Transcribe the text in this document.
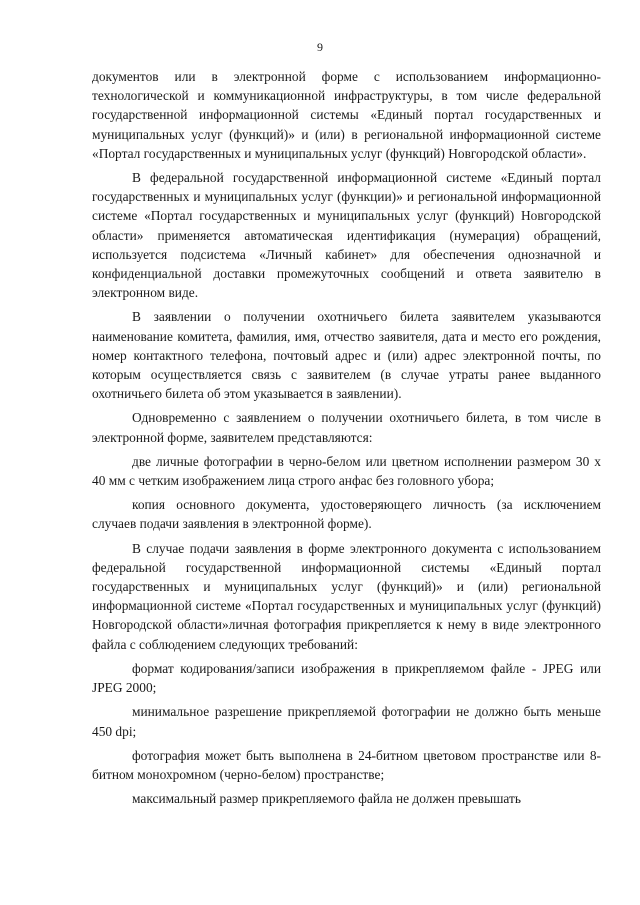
9

документов или в электронной форме с использованием информационно-технологической и коммуникационной инфраструктуры, в том числе федеральной государственной информационной системы «Единый портал государственных и муниципальных услуг (функций)» и (или) в региональной информационной системе «Портал государственных и муниципальных услуг (функций) Новгородской области».

В федеральной государственной информационной системе «Единый портал государственных и муниципальных услуг (функции)» и региональной информационной системе «Портал государственных и муниципальных услуг (функций) Новгородской области» применяется автоматическая идентификация (нумерация) обращений, используется подсистема «Личный кабинет» для обеспечения однозначной и конфиденциальной доставки промежуточных сообщений и ответа заявителю в электронном виде.

В заявлении о получении охотничьего билета заявителем указываются наименование комитета, фамилия, имя, отчество заявителя, дата и место его рождения, номер контактного телефона, почтовый адрес и (или) адрес электронной почты, по которым осуществляется связь с заявителем (в случае утраты ранее выданного охотничьего билета об этом указывается в заявлении).

Одновременно с заявлением о получении охотничьего билета, в том числе в электронной форме, заявителем представляются:

две личные фотографии в черно-белом или цветном исполнении размером 30 х 40 мм с четким изображением лица строго анфас без головного убора;

копия основного документа, удостоверяющего личность (за исключением случаев подачи заявления в электронной форме).

В случае подачи заявления в форме электронного документа с использованием федеральной государственной информационной системы «Единый портал государственных и муниципальных услуг (функций)» и (или) региональной информационной системе «Портал государственных и муниципальных услуг (функций) Новгородской области»личная фотография прикрепляется к нему в виде электронного файла с соблюдением следующих требований:

формат кодирования/записи изображения в прикрепляемом файле - JPEG или JPEG 2000;

минимальное разрешение прикрепляемой фотографии не должно быть меньше 450 dpi;

фотография может быть выполнена в 24-битном цветовом пространстве или 8-битном монохромном (черно-белом) пространстве;

максимальный размер прикрепляемого файла не должен превышать
